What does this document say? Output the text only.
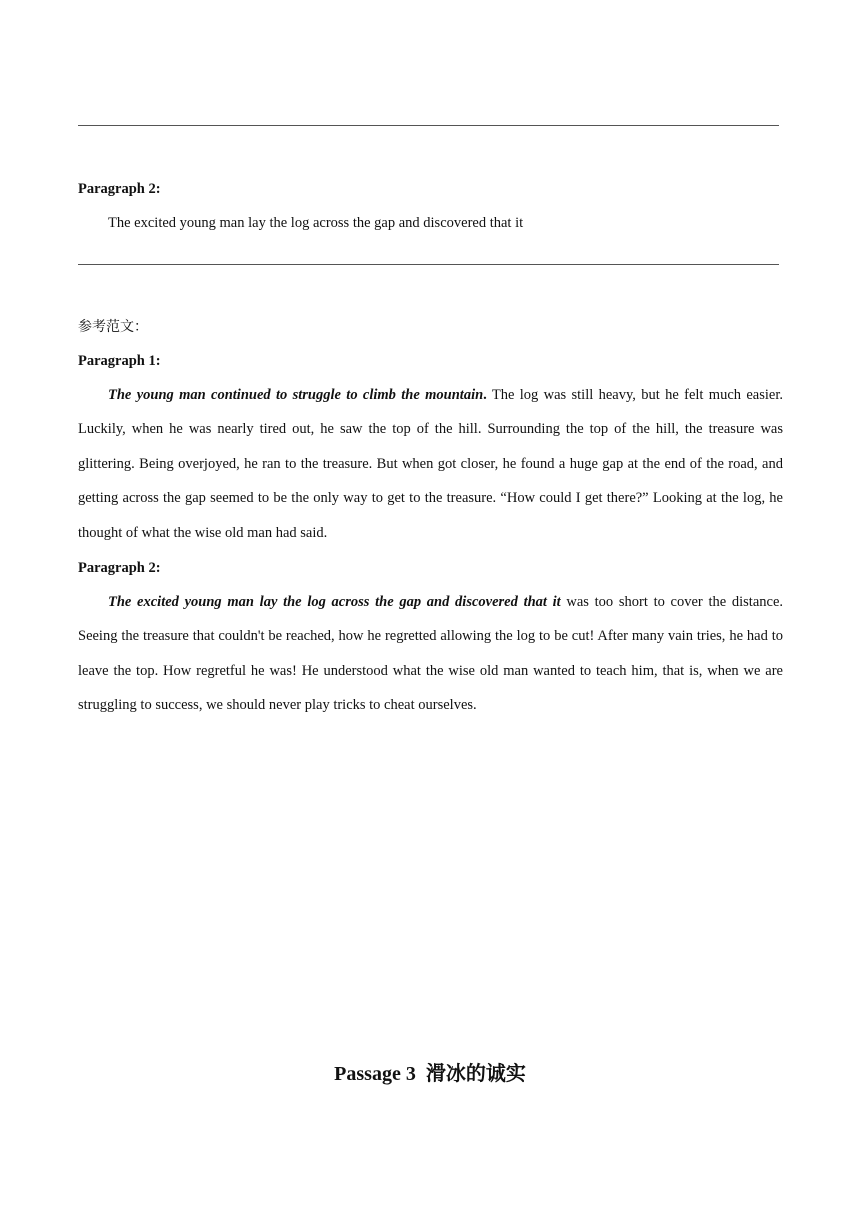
Paragraph 2:
The excited young man lay the log across the gap and discovered that it
参考范文：
Paragraph 1:

The young man continued to struggle to climb the mountain. The log was still heavy, but he felt much easier. Luckily, when he was nearly tired out, he saw the top of the hill. Surrounding the top of the hill, the treasure was glittering. Being overjoyed, he ran to the treasure. But when got closer, he found a huge gap at the end of the road, and getting across the gap seemed to be the only way to get to the treasure. “How could I get there?” Looking at the log, he thought of what the wise old man had said.

Paragraph 2:

The excited young man lay the log across the gap and discovered that it was too short to cover the distance. Seeing the treasure that couldn't be reached, how he regretted allowing the log to be cut! After many vain tries, he had to leave the top. How regretful he was! He understood what the wise old man wanted to teach him, that is, when we are struggling to success, we should never play tricks to cheat ourselves.

Passage 3 滑冰的诚实
